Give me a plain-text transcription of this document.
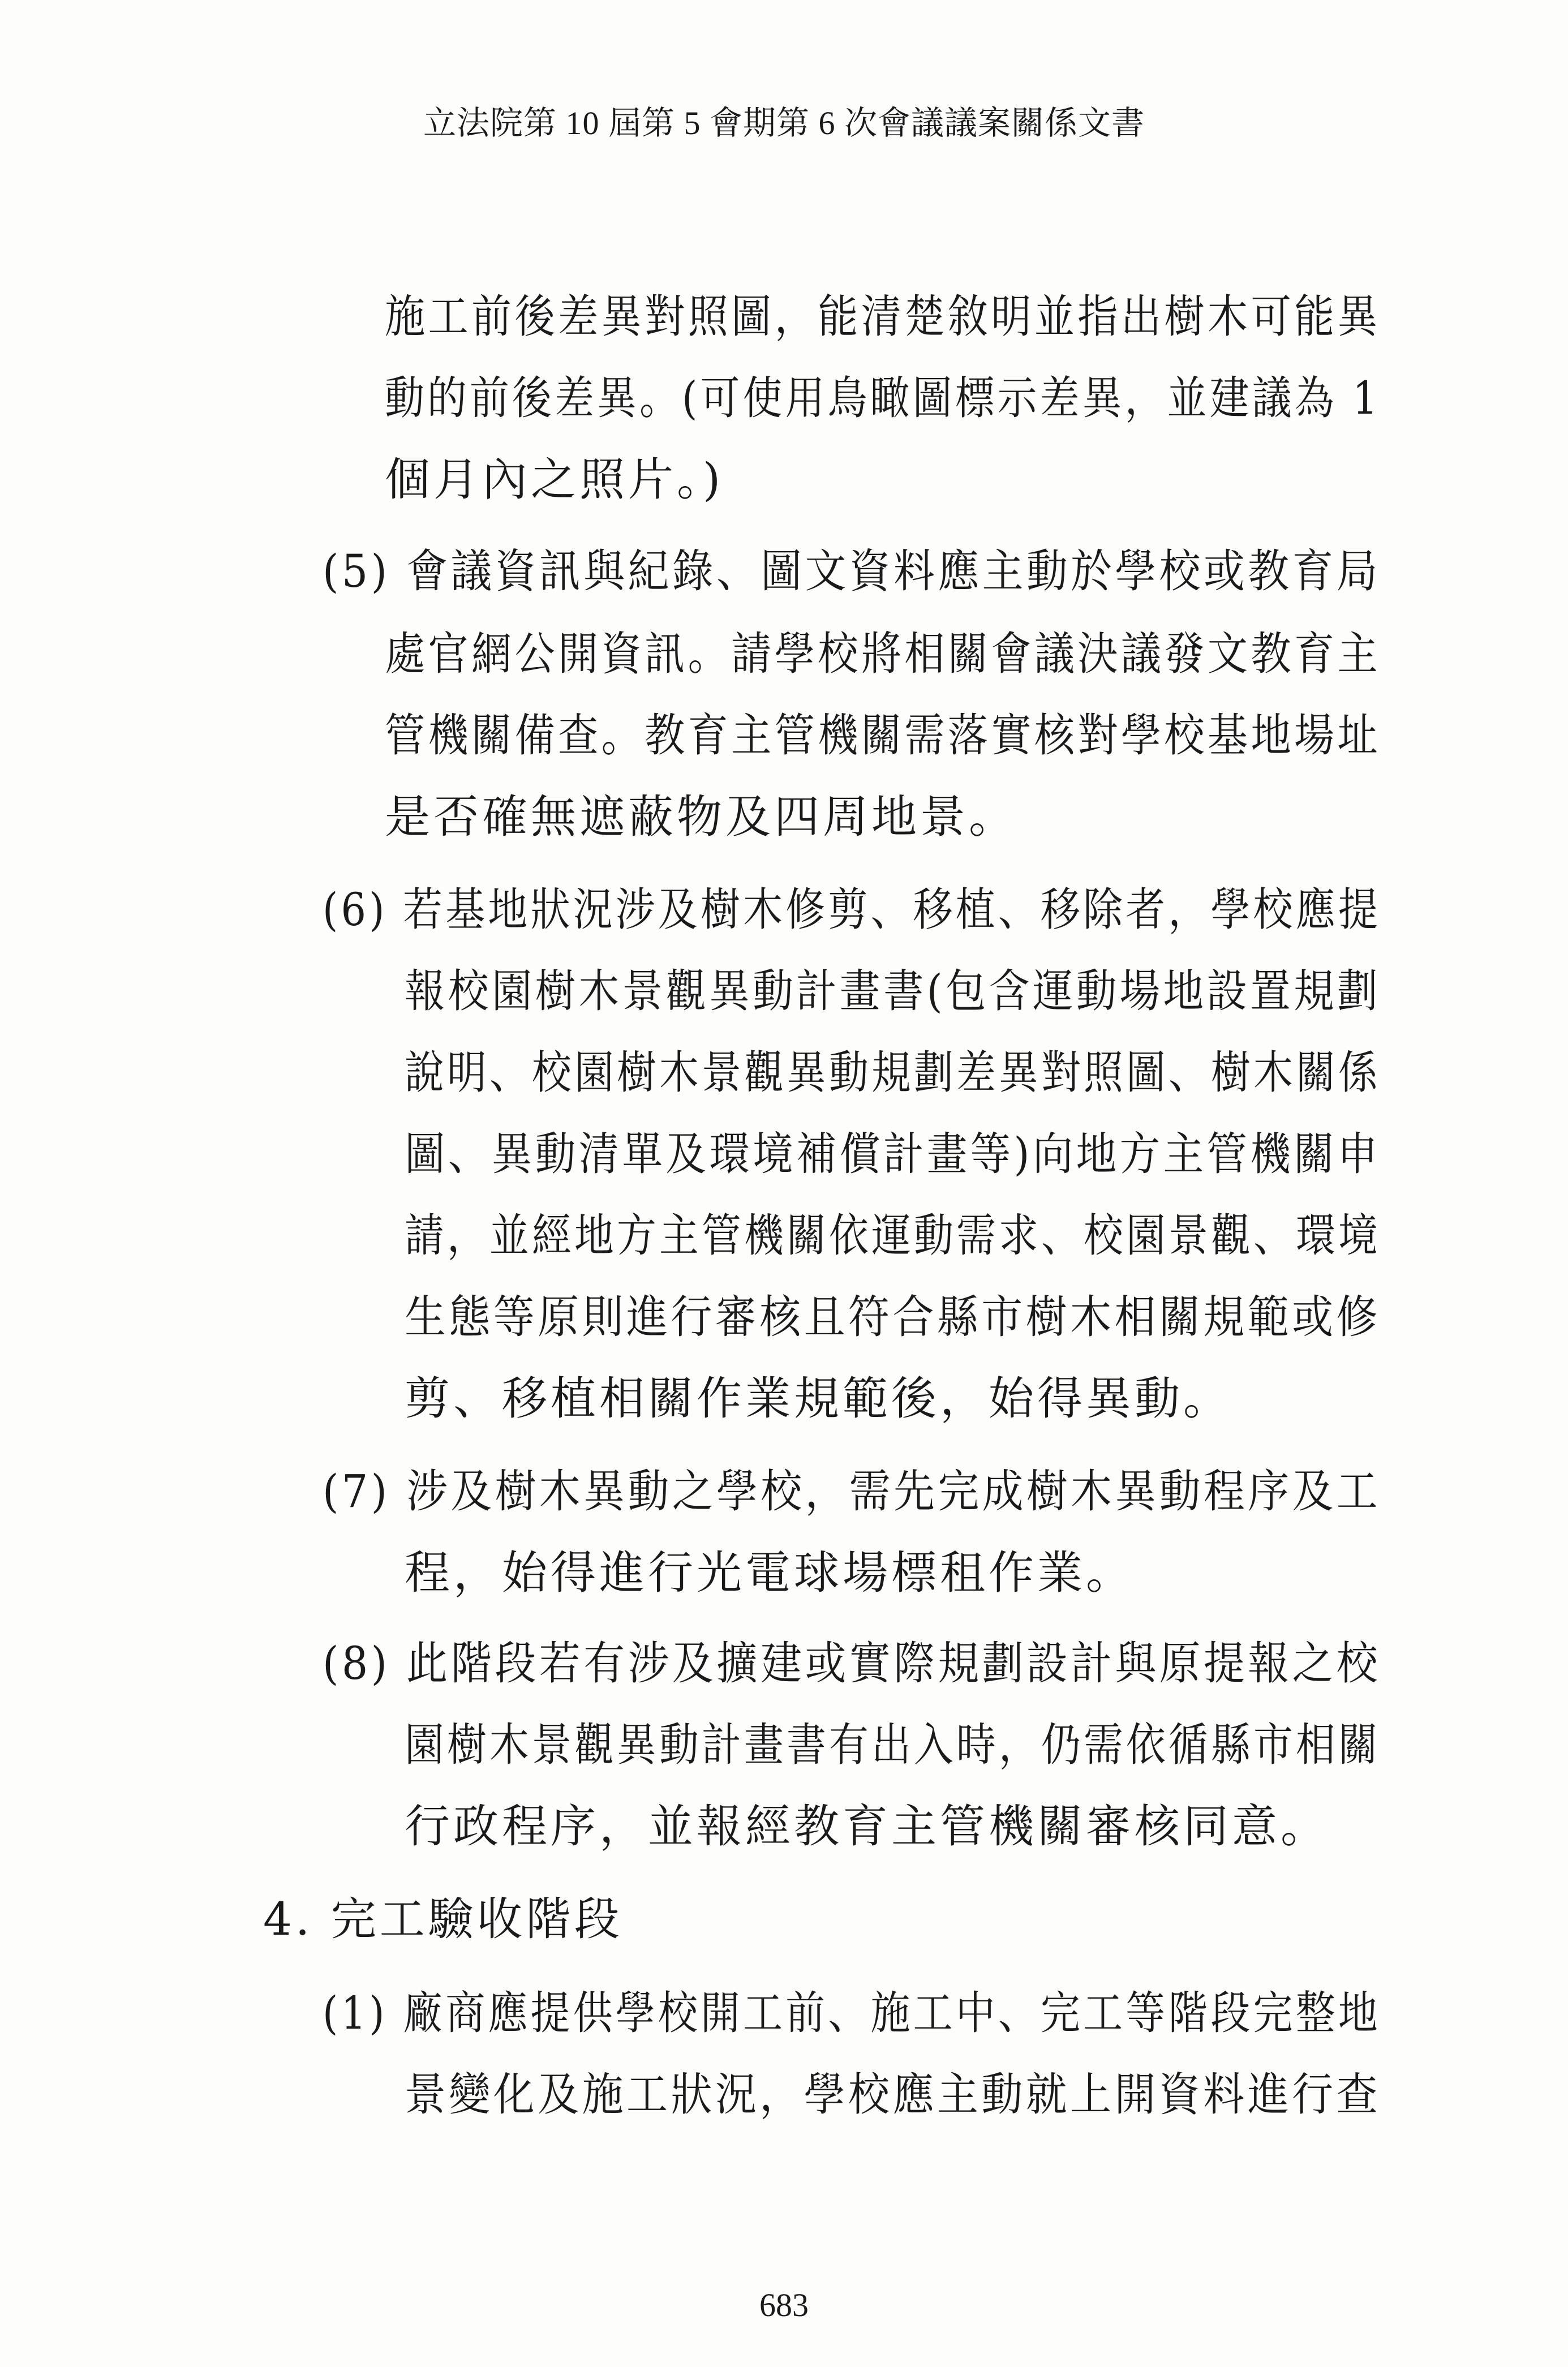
立法院第 10 屆第 5 會期第 6 次會議議案關係文書
施工前後差異對照圖，能清楚敘明並指出樹木可能異
動的前後差異。(可使用鳥瞰圖標示差異，並建議為 1
個月內之照片。)
(5) 會議資訊與紀錄、圖文資料應主動於學校或教育局
處官網公開資訊。請學校將相關會議決議發文教育主
管機關備查。教育主管機關需落實核對學校基地場址
是否確無遮蔽物及四周地景。
(6) 若基地狀況涉及樹木修剪、移植、移除者，學校應提
報校園樹木景觀異動計畫書(包含運動場地設置規劃
說明、校園樹木景觀異動規劃差異對照圖、樹木關係
圖、異動清單及環境補償計畫等)向地方主管機關申
請，並經地方主管機關依運動需求、校園景觀、環境
生態等原則進行審核且符合縣市樹木相關規範或修
剪、移植相關作業規範後，始得異動。
(7) 涉及樹木異動之學校，需先完成樹木異動程序及工
程，始得進行光電球場標租作業。
(8) 此階段若有涉及擴建或實際規劃設計與原提報之校
園樹木景觀異動計畫書有出入時，仍需依循縣市相關
行政程序，並報經教育主管機關審核同意。
4. 完工驗收階段
(1) 廠商應提供學校開工前、施工中、完工等階段完整地
景變化及施工狀況，學校應主動就上開資料進行查
683
